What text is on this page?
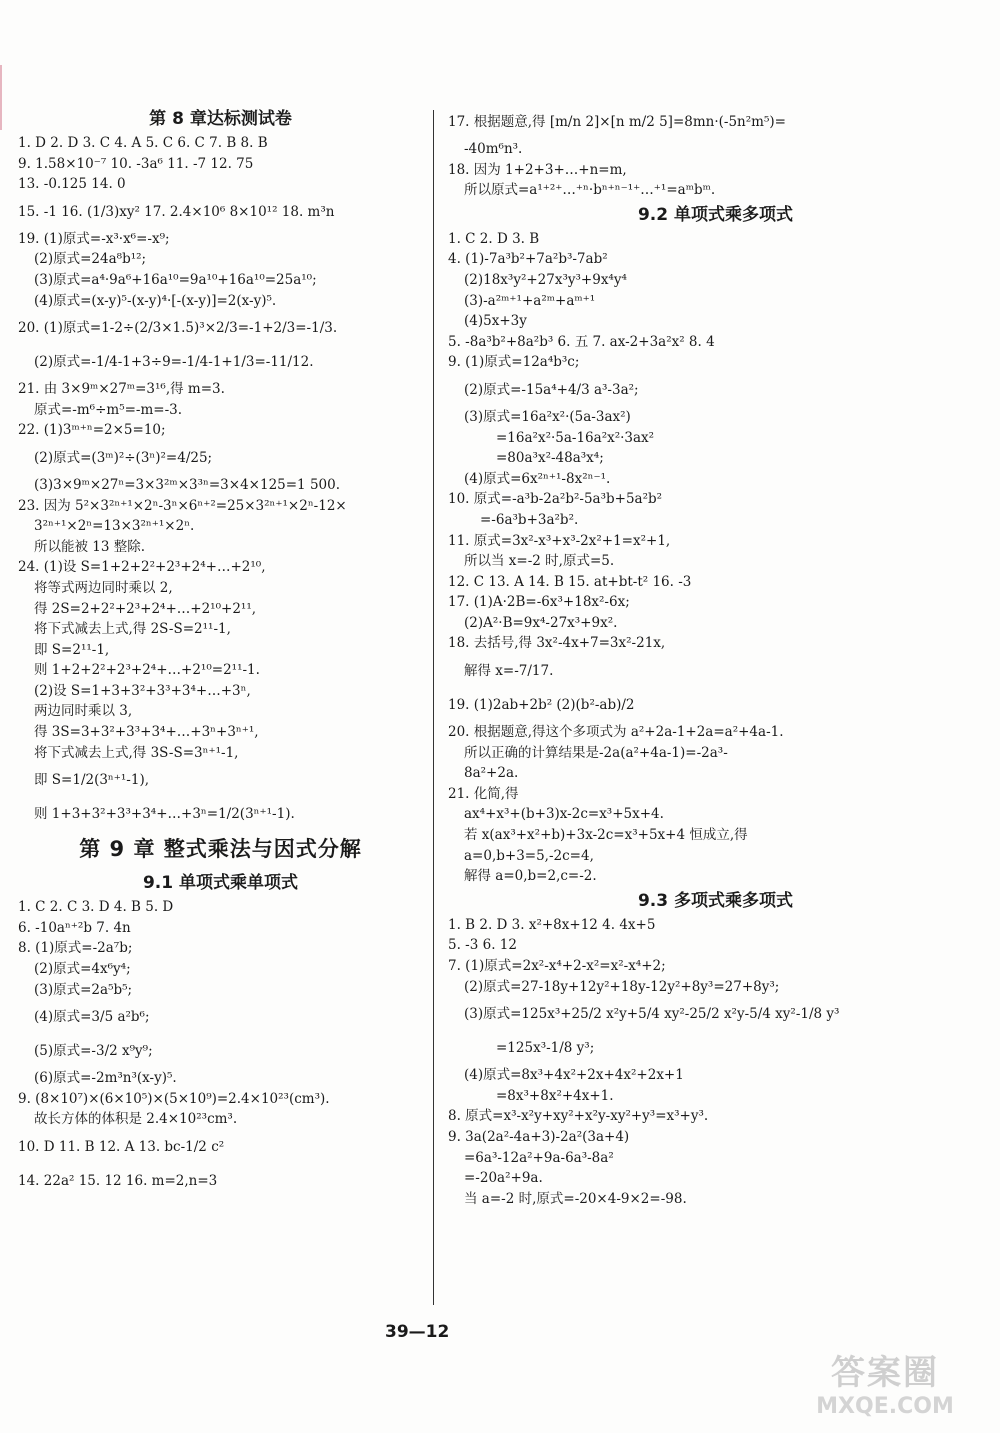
第 8 章达标测试卷
1. D 2. D 3. C 4. A 5. C 6. C 7. B 8. B
9. 1.58×10⁻⁷ 10. -3a⁶ 11. -7 12. 75
13. -0.125 14. 0
15. -1 16. (1/3)xy² 17. 2.4×10⁶ 8×10¹² 18. m³n
19. (1)原式=-x³·x⁶=-x⁹;
(2)原式=24a⁸b¹²;
(3)原式=a⁴·9a⁶+16a¹⁰=9a¹⁰+16a¹⁰=25a¹⁰;
(4)原式=(x-y)⁵-(x-y)⁴·[-(x-y)]=2(x-y)⁵.
20. (1)原式=1-2÷(2/3×1.5)³×2/3=-1+2/3=-1/3.
(2)原式=-1/4-1+3÷9=-1/4-1+1/3=-11/12.
21. 由 3×9ᵐ×27ᵐ=3¹⁶,得 m=3.
原式=-m⁶÷m⁵=-m=-3.
22. (1)3ᵐ⁺ⁿ=2×5=10;
(2)原式=(3ᵐ)²÷(3ⁿ)²=4/25;
(3)3×9ᵐ×27ⁿ=3×3²ᵐ×3³ⁿ=3×4×125=1 500.
23. 因为 5²×3²ⁿ⁺¹×2ⁿ-3ⁿ×6ⁿ⁺²=25×3²ⁿ⁺¹×2ⁿ-12×
3²ⁿ⁺¹×2ⁿ=13×3²ⁿ⁺¹×2ⁿ.
所以能被 13 整除.
24. (1)设 S=1+2+2²+2³+2⁴+…+2¹⁰,
将等式两边同时乘以 2,
得 2S=2+2²+2³+2⁴+…+2¹⁰+2¹¹,
将下式减去上式,得 2S-S=2¹¹-1,
即 S=2¹¹-1,
则 1+2+2²+2³+2⁴+…+2¹⁰=2¹¹-1.
(2)设 S=1+3+3²+3³+3⁴+…+3ⁿ,
两边同时乘以 3,
得 3S=3+3²+3³+3⁴+…+3ⁿ+3ⁿ⁺¹,
将下式减去上式,得 3S-S=3ⁿ⁺¹-1,
即 S=1/2(3ⁿ⁺¹-1),
则 1+3+3²+3³+3⁴+…+3ⁿ=1/2(3ⁿ⁺¹-1).
第 9 章 整式乘法与因式分解
9.1 单项式乘单项式
1. C 2. C 3. D 4. B 5. D
6. -10aⁿ⁺²b 7. 4n
8. (1)原式=-2a⁷b;
(2)原式=4x⁶y⁴;
(3)原式=2a⁵b⁵;
(4)原式=3/5 a²b⁶;
(5)原式=-3/2 x⁹y⁹;
(6)原式=-2m³n³(x-y)⁵.
9. (8×10⁷)×(6×10⁵)×(5×10⁹)=2.4×10²³(cm³).
故长方体的体积是 2.4×10²³cm³.
10. D 11. B 12. A 13. bc-1/2 c²
14. 22a² 15. 12 16. m=2,n=3
17. 根据题意,得 [m/n 2]×[n m/2 5]=8mn·(-5n²m⁵)=
-40m⁶n³.
18. 因为 1+2+3+…+n=m,
所以原式=a¹⁺²⁺…⁺ⁿ·bⁿ⁺ⁿ⁻¹⁺…⁺¹=aᵐbᵐ.
9.2 单项式乘多项式
1. C 2. D 3. B
4. (1)-7a³b²+7a²b³-7ab²
(2)18x³y²+27x³y³+9x⁴y⁴
(3)-a²ᵐ⁺¹+a²ᵐ+aᵐ⁺¹
(4)5x+3y
5. -8a³b²+8a²b³ 6. 五 7. ax-2+3a²x² 8. 4
9. (1)原式=12a⁴b³c;
(2)原式=-15a⁴+4/3 a³-3a²;
(3)原式=16a²x²·(5a-3ax²)
=16a²x²·5a-16a²x²·3ax²
=80a³x²-48a³x⁴;
(4)原式=6x²ⁿ⁺¹-8x²ⁿ⁻¹.
10. 原式=-a³b-2a²b²-5a³b+5a²b²
=-6a³b+3a²b².
11. 原式=3x²-x³+x³-2x²+1=x²+1,
所以当 x=-2 时,原式=5.
12. C 13. A 14. B 15. at+bt-t² 16. -3
17. (1)A·2B=-6x³+18x²-6x;
(2)A²·B=9x⁴-27x³+9x².
18. 去括号,得 3x²-4x+7=3x²-21x,
解得 x=-7/17.
19. (1)2ab+2b² (2)(b²-ab)/2
20. 根据题意,得这个多项式为 a²+2a-1+2a=a²+4a-1.
所以正确的计算结果是-2a(a²+4a-1)=-2a³-
8a²+2a.
21. 化简,得
ax⁴+x³+(b+3)x-2c=x³+5x+4.
若 x(ax³+x²+b)+3x-2c=x³+5x+4 恒成立,得
a=0,b+3=5,-2c=4,
解得 a=0,b=2,c=-2.
9.3 多项式乘多项式
1. B 2. D 3. x²+8x+12 4. 4x+5
5. -3 6. 12
7. (1)原式=2x²-x⁴+2-x²=x²-x⁴+2;
(2)原式=27-18y+12y²+18y-12y²+8y³=27+8y³;
(3)原式=125x³+25/2 x²y+5/4 xy²-25/2 x²y-5/4 xy²-1/8 y³
=125x³-1/8 y³;
(4)原式=8x³+4x²+2x+4x²+2x+1
=8x³+8x²+4x+1.
8. 原式=x³-x²y+xy²+x²y-xy²+y³=x³+y³.
9. 3a(2a²-4a+3)-2a²(3a+4)
=6a³-12a²+9a-6a³-8a²
=-20a²+9a.
当 a=-2 时,原式=-20×4-9×2=-98.
39—12
答案圈
MXQE.COM
